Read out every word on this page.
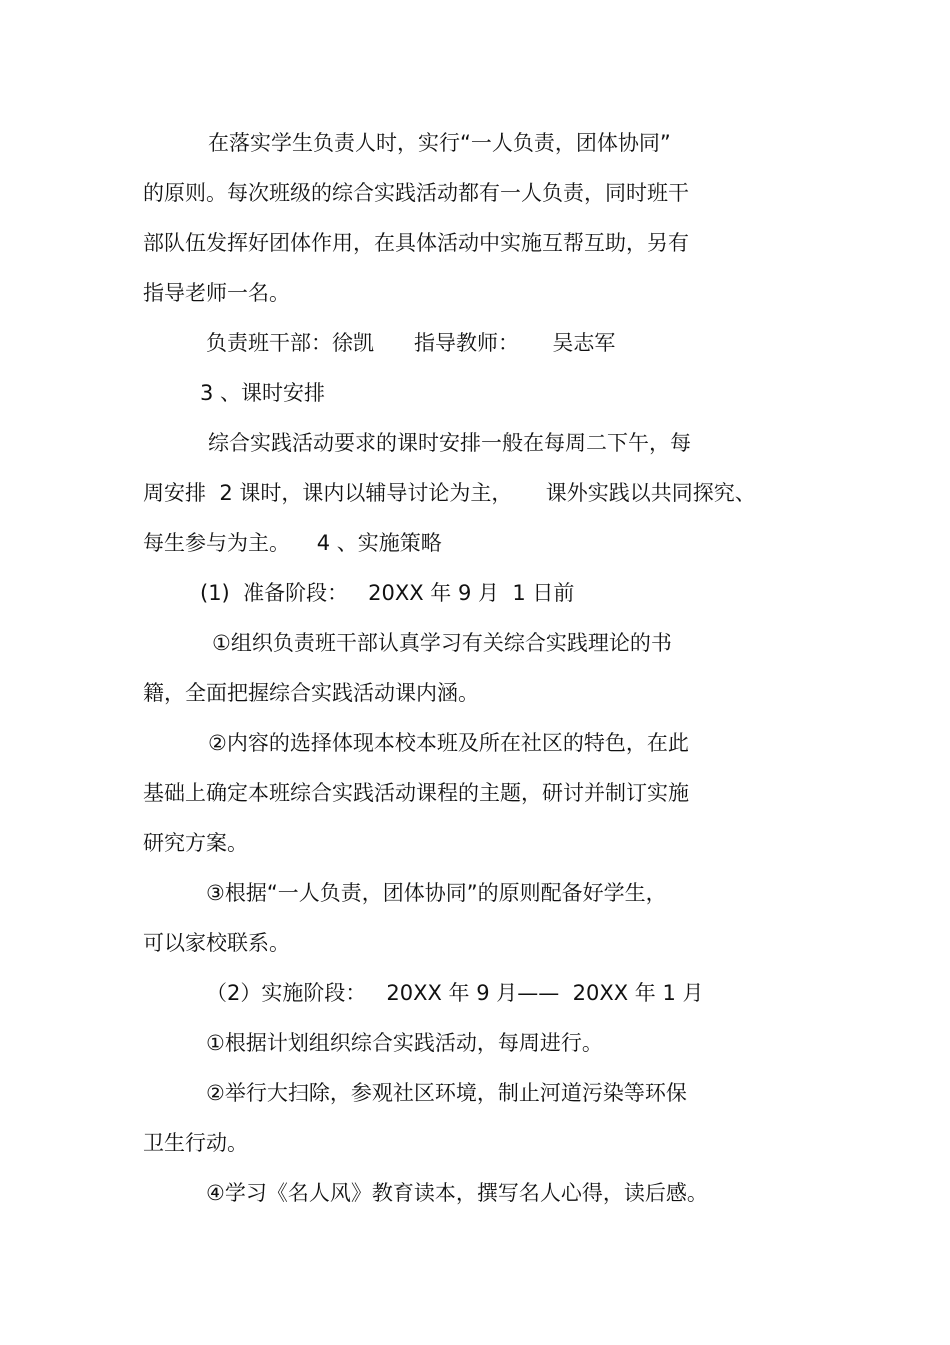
在落实学生负责人时，实行“一人负责，团体协同”
的原则。每次班级的综合实践活动都有一人负责，同时班干
部队伍发挥好团体作用，在具体活动中实施互帮互助，另有
指导老师一名。
负责班干部：徐凯      指导教师：     吴志军
3 、课时安排
综合实践活动要求的课时安排一般在每周二下午，每
周安排  2 课时，课内以辅导讨论为主，     课外实践以共同探究、
每生参与为主。    4 、实施策略
(1)  准备阶段：   20XX 年 9 月  1 日前
①组织负责班干部认真学习有关综合实践理论的书
籍，全面把握综合实践活动课内涵。
②内容的选择体现本校本班及所在社区的特色，在此
基础上确定本班综合实践活动课程的主题，研讨并制订实施
研究方案。
③根据“一人负责，团体协同”的原则配备好学生，
可以家校联系。
（2）实施阶段：   20XX 年 9 月——  20XX 年 1 月
①根据计划组织综合实践活动，每周进行。
②举行大扫除，参观社区环境，制止河道污染等环保
卫生行动。
④学习《名人风》教育读本，撰写名人心得，读后感。
